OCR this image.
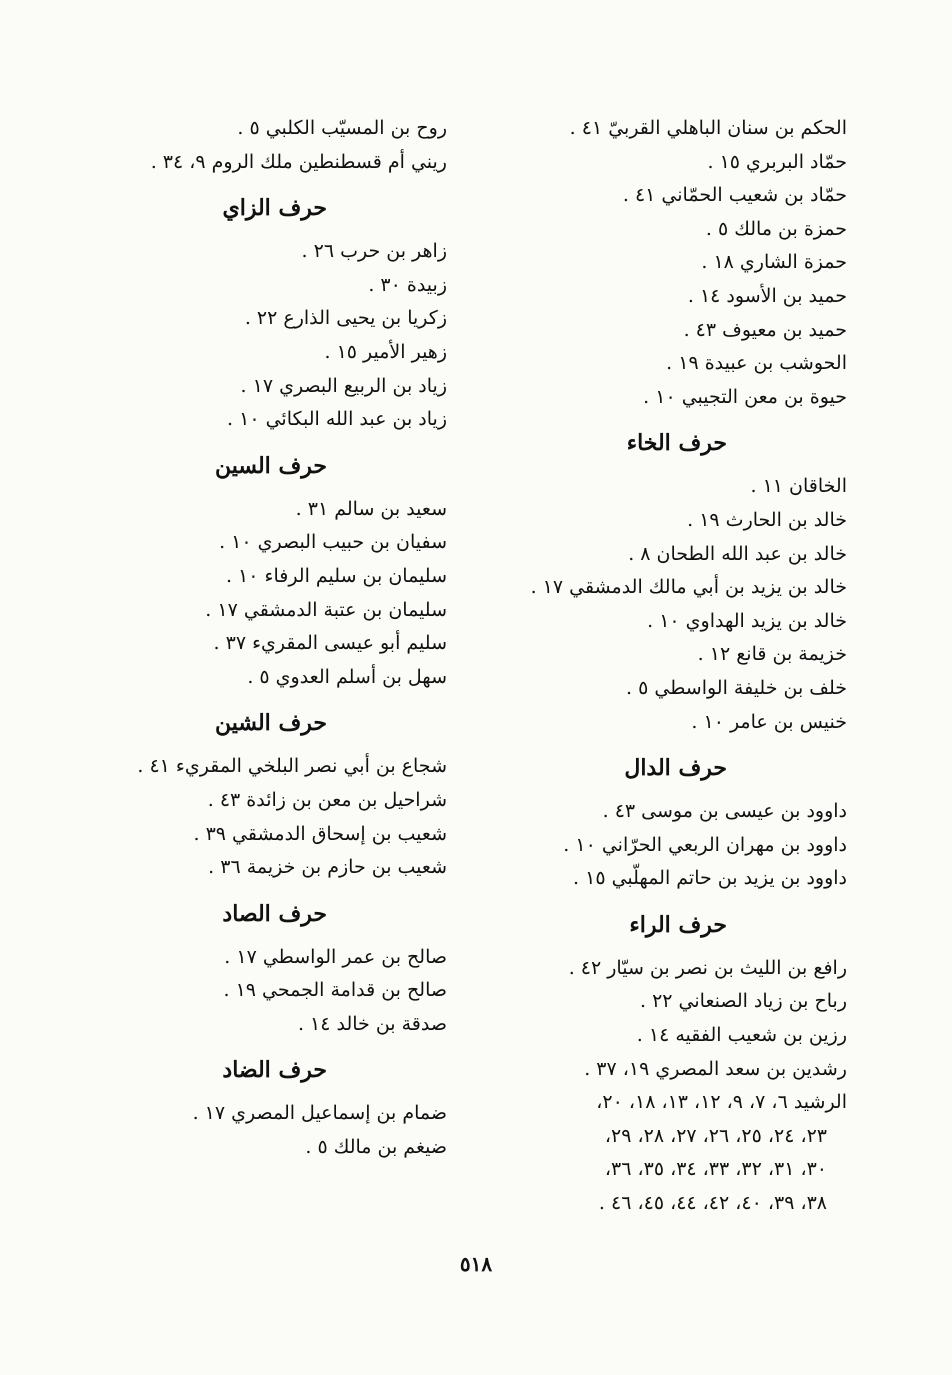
الحكم بن سنان الباهلي القربيّ ٤١ .
حمّاد البربري ١٥ .
حمّاد بن شعيب الحمّاني ٤١ .
حمزة بن مالك ٥ .
حمزة الشاري ١٨ .
حميد بن الأسود ١٤ .
حميد بن معيوف ٤٣ .
الحوشب بن عبيدة ١٩ .
حيوة بن معن التجيبي ١٠ .
حرف الخاء
الخاقان ١١ .
خالد بن الحارث ١٩ .
خالد بن عبد الله الطحان ٨ .
خالد بن يزيد بن أبي مالك الدمشقي ١٧ .
خالد بن يزيد الهداوي ١٠ .
خزيمة بن قانع ١٢ .
خلف بن خليفة الواسطي ٥ .
خنيس بن عامر ١٠ .
حرف الدال
داوود بن عيسى بن موسى ٤٣ .
داوود بن مهران الربعي الحرّاني ١٠ .
داوود بن يزيد بن حاتم المهلّبي ١٥ .
حرف الراء
رافع بن الليث بن نصر بن سيّار ٤٢ .
رباح بن زياد الصنعاني ٢٢ .
رزين بن شعيب الفقيه ١٤ .
رشدين بن سعد المصري ١٩، ٣٧ .
الرشيد ٦، ٧، ٩، ١٢، ١٣، ١٨، ٢٠،
٢٣، ٢٤، ٢٥، ٢٦، ٢٧، ٢٨، ٢٩،
٣٠، ٣١، ٣٢، ٣٣، ٣٤، ٣٥، ٣٦،
٣٨، ٣٩، ٤٠، ٤٢، ٤٤، ٤٥، ٤٦ .
روح بن المسيّب الكلبي ٥ .
ريني أم قسطنطين ملك الروم ٩، ٣٤ .
حرف الزاي
زاهر بن حرب ٢٦ .
زبيدة ٣٠ .
زكريا بن يحيى الذارع ٢٢ .
زهير الأمير ١٥ .
زياد بن الربيع البصري ١٧ .
زياد بن عبد الله البكائي ١٠ .
حرف السين
سعيد بن سالم ٣١ .
سفيان بن حبيب البصري ١٠ .
سليمان بن سليم الرفاء ١٠ .
سليمان بن عتبة الدمشقي ١٧ .
سليم أبو عيسى المقريء ٣٧ .
سهل بن أسلم العدوي ٥ .
حرف الشين
شجاع بن أبي نصر البلخي المقريء ٤١ .
شراحيل بن معن بن زائدة ٤٣ .
شعيب بن إسحاق الدمشقي ٣٩ .
شعيب بن حازم بن خزيمة ٣٦ .
حرف الصاد
صالح بن عمر الواسطي ١٧ .
صالح بن قدامة الجمحي ١٩ .
صدقة بن خالد ١٤ .
حرف الضاد
ضمام بن إسماعيل المصري ١٧ .
ضيغم بن مالك ٥ .
٥١٨
